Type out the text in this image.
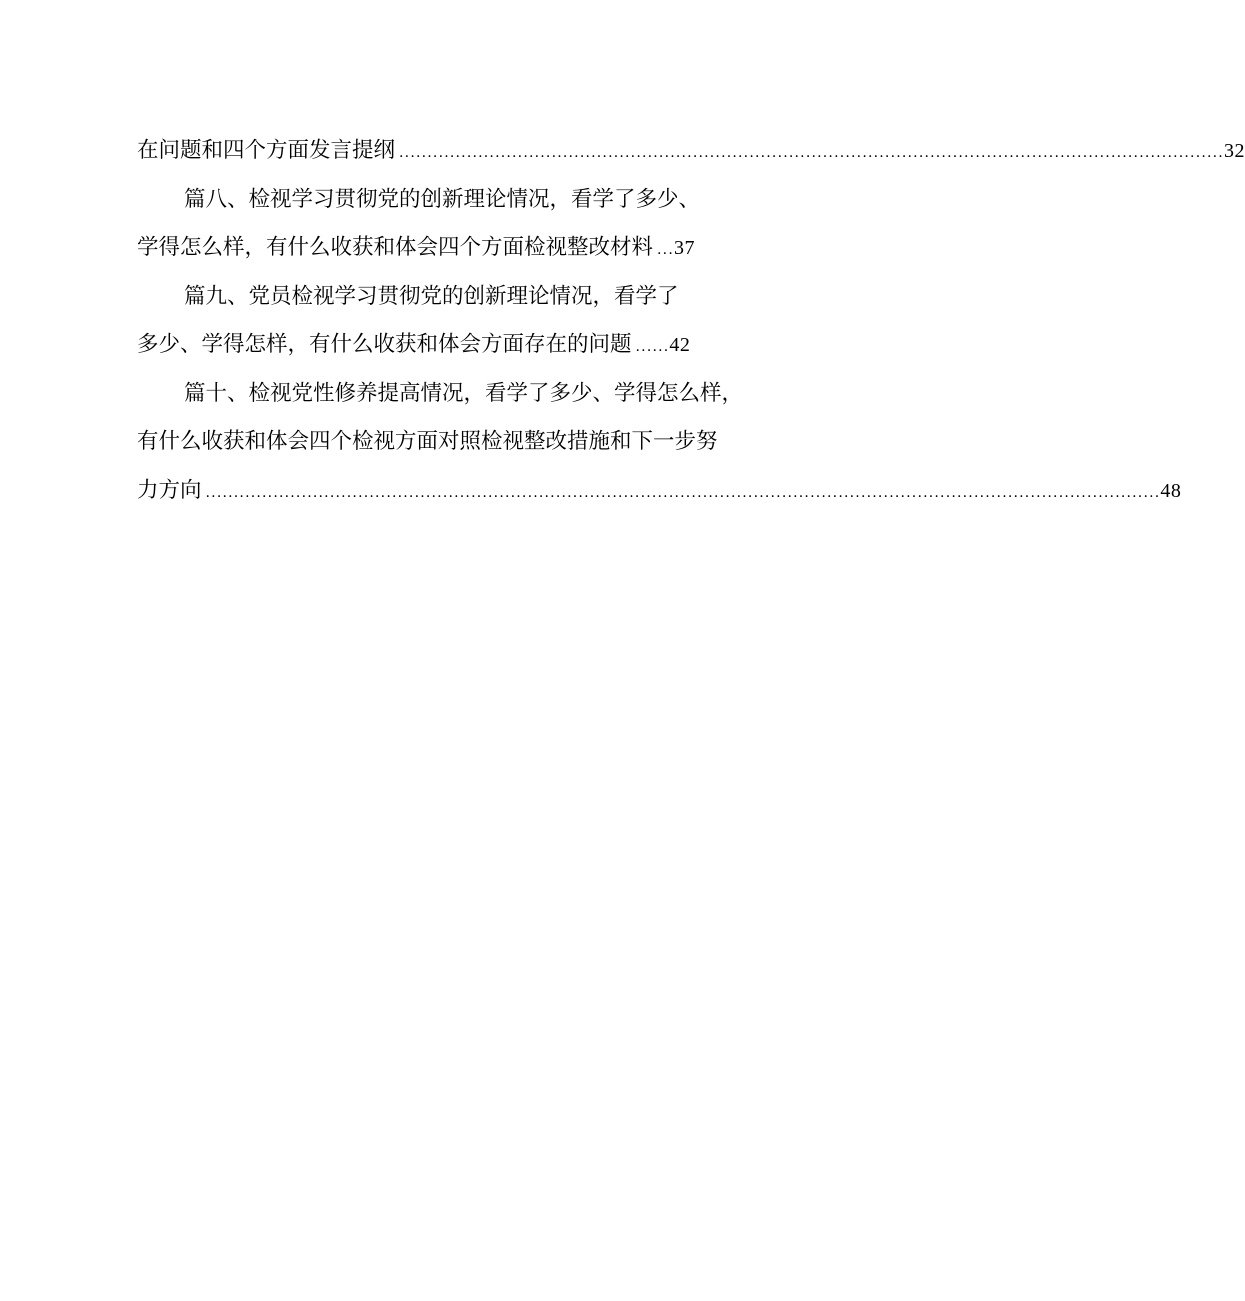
在问题和四个方面发言提纲 .................................................................................................................................................. 32
篇八、检视学习贯彻党的创新理论情况，看学了多少、
学得怎么样，有什么收获和体会四个方面检视整改材料 ... 37
篇九、党员检视学习贯彻党的创新理论情况，看学了
多少、学得怎样，有什么收获和体会方面存在的问题 ...... 42
篇十、检视党性修养提高情况，看学了多少、学得怎么样，
有什么收获和体会四个检视方面对照检视整改措施和下一步努
力方向 ......................................................................................................................................................................... 48
